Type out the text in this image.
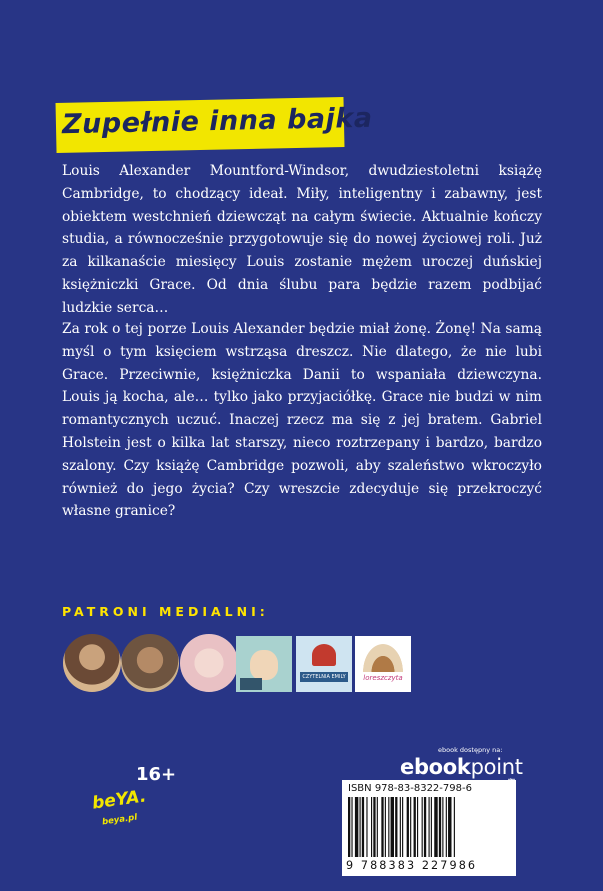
Zupełnie inna bajka

Louis Alexander Mountford-Windsor, dwudziestoletni książę Cambridge, to chodzący ideał. Miły, inteligentny i zabawny, jest obiektem westchnień dziewcząt na całym świecie. Aktualnie kończy studia, a równocześnie przygotowuje się do nowej życiowej roli. Już za kilkanaście miesięcy Louis zostanie mężem uroczej duńskiej księżniczki Grace. Od dnia ślubu para będzie razem podbijać ludzkie serca…

Za rok o tej porze Louis Alexander będzie miał żonę. Żonę! Na samą myśl o tym księciem wstrząsa dreszcz. Nie dlatego, że nie lubi Grace. Przeciwnie, księżniczka Danii to wspaniała dziewczyna. Louis ją kocha, ale… tylko jako przyjaciółkę. Grace nie budzi w nim romantycznych uczuć. Inaczej rzecz ma się z jej bratem. Gabriel Holstein jest o kilka lat starszy, nieco roztrzepany i bardzo, bardzo szalony. Czy książę Cambridge pozwoli, aby szaleństwo wkroczyło również do jego życia? Czy wreszcie zdecyduje się przekroczyć własne granice?

PATRONI MEDIALNI:
CZYTELNIA EMILY	loreszczyta
ebook dostępny na:
ebookpoint
ISBN 978-83-8322-798-6
9 788383 227986
cena: 49,90 zł
16+
beYA.
beya.pl
